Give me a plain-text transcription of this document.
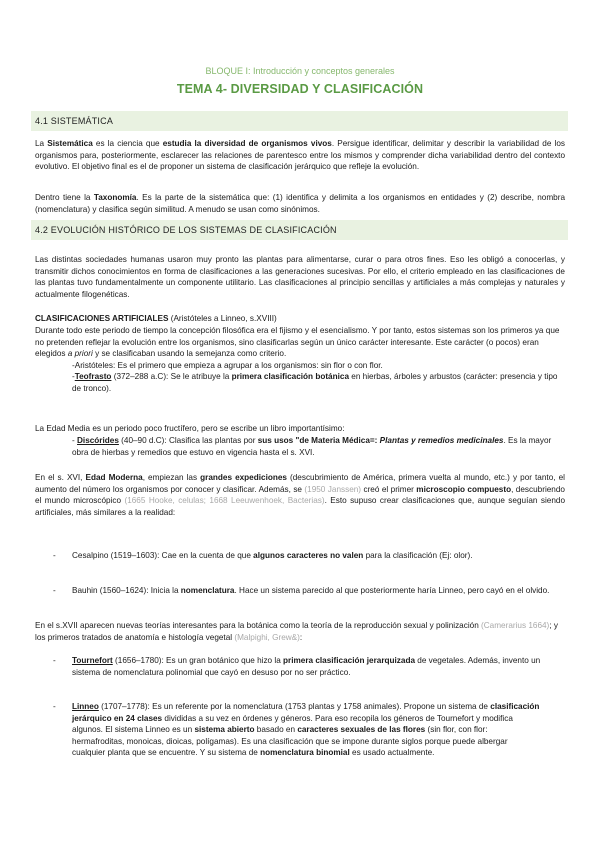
BLOQUE I: Introducción y conceptos generales
TEMA 4- DIVERSIDAD Y CLASIFICACIÓN
4.1 SISTEMÁTICA
La Sistemática es la ciencia que estudia la diversidad de organismos vivos. Persigue identificar, delimitar y describir la variabilidad de los organismos para, posteriormente, esclarecer las relaciones de parentesco entre los mismos y comprender dicha variabilidad dentro del contexto evolutivo. El objetivo final es el de proponer un sistema de clasificación jerárquico que refleje la evolución.
Dentro tiene la Taxonomía. Es la parte de la sistemática que: (1) identifica y delimita a los organismos en entidades y (2) describe, nombra (nomenclatura) y clasifica según similitud. A menudo se usan como sinónimos.
4.2 EVOLUCIÓN HISTÓRICO DE LOS SISTEMAS DE CLASIFICACIÓN
Las distintas sociedades humanas usaron muy pronto las plantas para alimentarse, curar o para otros fines. Eso les obligó a conocerlas, y transmitir dichos conocimientos en forma de clasificaciones a las generaciones sucesivas. Por ello, el criterio empleado en las clasificaciones de las plantas tuvo fundamentalmente un componente utilitario. Las clasificaciones al principio sencillas y artificiales a más complejas y naturales y actualmente filogenéticas.
CLASIFICACIONES ARTIFICIALES (Aristóteles a Linneo, s.XVIII)
Durante todo este periodo de tiempo la concepción filosófica era el fijismo y el esencialismo. Y por tanto, estos sistemas son los primeros ya que no pretenden reflejar la evolución entre los organismos, sino clasificarlas según un único carácter interesante. Este carácter (o pocos) eran elegidos a priori y se clasificaban usando la semejanza como criterio.
-Aristóteles: Es el primero que empieza a agrupar a los organismos: sin flor o con flor.
-Teofrasto (372–288 a.C): Se le atribuye la primera clasificación botánica en hierbas, árboles y arbustos (carácter: presencia y tipo de tronco).
La Edad Media es un periodo poco fructífero, pero se escribe un libro importantísimo:
- Discórides (40–90 d.C): Clasifica las plantas por sus usos "de Materia Médica=: Plantas y remedios medicinales. Es la mayor obra de hierbas y remedios que estuvo en vigencia hasta el s. XVI.
En el s. XVI, Edad Moderna, empiezan las grandes expediciones (descubrimiento de América, primera vuelta al mundo, etc.) y por tanto, el aumento del número los organismos por conocer y clasificar. Además, se (1950 Janssen) creó el primer microscopio compuesto, descubriendo el mundo microscópico (1665 Hooke, celulas; 1668 Leeuwenhoek, Bacterias). Esto supuso crear clasificaciones que, aunque seguían siendo artificiales, más similares a la realidad:
- Cesalpino (1519–1603): Cae en la cuenta de que algunos caracteres no valen para la clasificación (Ej: olor).
- Bauhin (1560–1624): Inicia la nomenclatura. Hace un sistema parecido al que posteriormente haría Linneo, pero cayó en el olvido.
En el s.XVII aparecen nuevas teorías interesantes para la botánica como la teoría de la reproducción sexual y polinización (Camerarius 1664); y los primeros tratados de anatomía e histología vegetal (Malpighi, Grew&):
- Tournefort (1656–1780): Es un gran botánico que hizo la primera clasificación jerarquizada de vegetales. Además, invento un sistema de nomenclatura polinomial que cayó en desuso por no ser práctico.
- Linneo (1707–1778): Es un referente por la nomenclatura (1753 plantas y 1758 animales). Propone un sistema de clasificación jerárquico en 24 clases divididas a su vez en órdenes y géneros. Para eso recopila los géneros de Tournefort y modifica algunos. El sistema Linneo es un sistema abierto basado en caracteres sexuales de las flores (sin flor, con flor: hermafroditas, monoicas, dioicas, polígamas). Es una clasificación que se impone durante siglos porque puede albergar cualquier planta que se encuentre. Y su sistema de nomenclatura binomial es usado actualmente.
